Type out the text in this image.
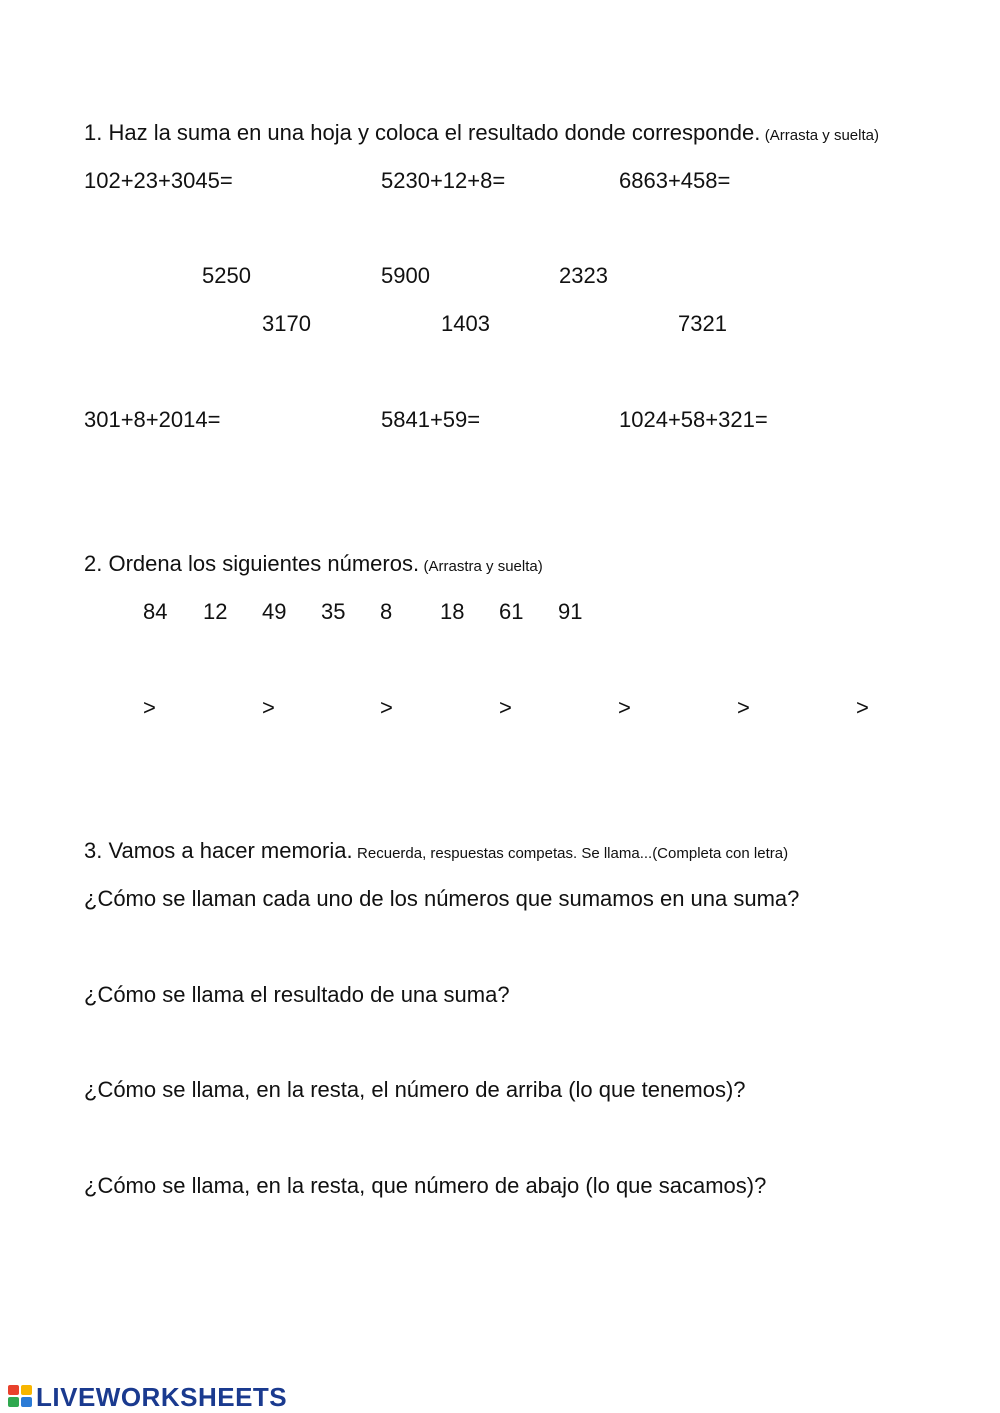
1. Haz la suma en una hoja y coloca el resultado donde corresponde. (Arrasta y suelta)
102+23+3045=	5230+12+8=	6863+458=
5250	5900	2323
3170	1403	7321
301+8+2014=	5841+59=	1024+58+321=
2. Ordena los siguientes números. (Arrastra y suelta)
84 12 49 35 8 18 61 91
>	>	>	>	>	>	>
3. Vamos a hacer memoria. Recuerda, respuestas competas. Se llama...(Completa con letra)
¿Cómo se llaman cada uno de los números que sumamos en una suma?
¿Cómo se llama el resultado de una suma?
¿Cómo se llama, en la resta, el número de arriba (lo que tenemos)?
¿Cómo se llama, en la resta, que número de abajo (lo que sacamos)?
LIVEWORKSHEETS
